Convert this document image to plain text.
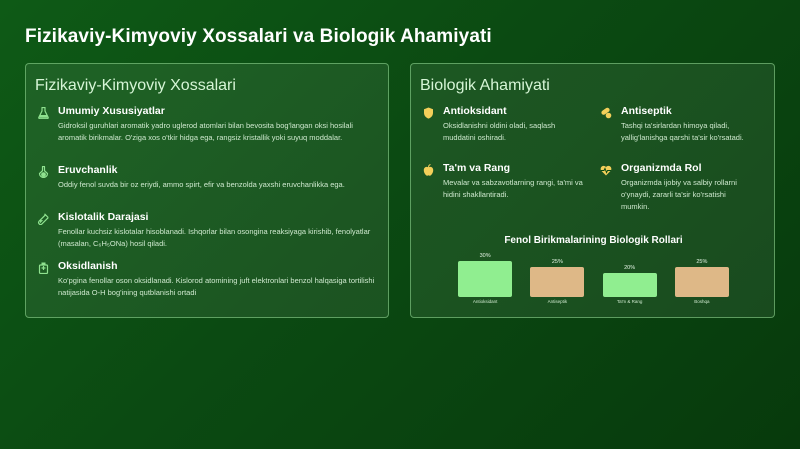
Fizikaviy-Kimyoviy Xossalari va Biologik Ahamiyati
Fizikaviy-Kimyoviy Xossalari
Umumiy Xususiyatlar
Gidroksil guruhlari aromatik yadro uglerod atomlari bilan bevosita bog'langan oksi hosilali aromatik birikmalar. O'ziga xos o'tkir hidga ega, rangsiz kristallik yoki suyuq moddalar.
Eruvchanlik
Oddiy fenol suvda bir oz eriydi, ammo spirt, efir va benzolda yaxshi eruvchanlikka ega.
Kislotalik Darajasi
Fenollar kuchsiz kislotalar hisoblanadi. Ishqorlar bilan osongina reaksiyaga kirishib, fenolyatlar (masalan, C₆H₅ONa) hosil qiladi.
Oksidlanish
Ko'pgina fenollar oson oksidlanadi. Kislorod atomining juft elektronlari benzol halqasiga tortilishi natijasida O-H bog'ining qutblanishi ortadi
Biologik Ahamiyati
Antioksidant
Oksidlanishni oldini oladi, saqlash muddatini oshiradi.
Antiseptik
Tashqi ta'sirlardan himoya qiladi, yallig'lanishga qarshi ta'sir ko'rsatadi.
Ta'm va Rang
Mevalar va sabzavotlarning rangi, ta'mi va hidini shakllantiradi.
Organizmda Rol
Organizmda ijobiy va salbiy rollarni o'ynaydi, zararli ta'sir ko'rsatishi mumkin.
Fenol Birikmalarining Biologik Rollari
30%
Antioksidant
25%
Antiseptik
20%
Ta'm & Rang
25%
Boshqa
